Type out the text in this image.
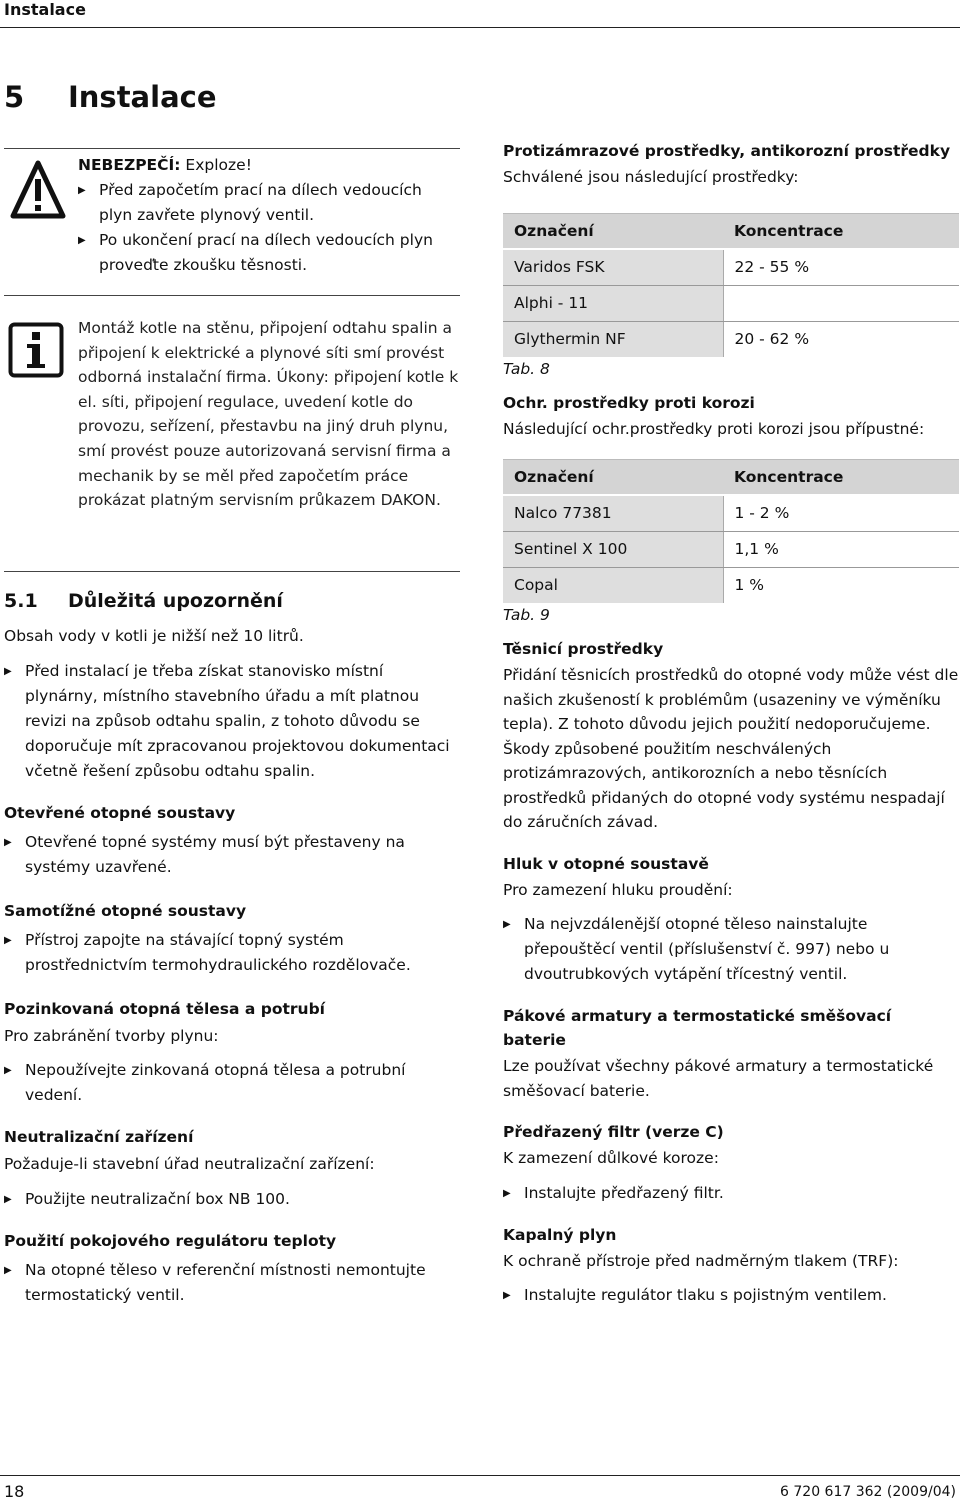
Instalace
5 Instalace
NEBEZPEČÍ: Exploze!
▶ Před započetím prací na dílech vedoucích plyn zavřete plynový ventil.
▶ Po ukončení prací na dílech vedoucích plyn proveďte zkoušku těsnosti.
Montáž kotle na stěnu, připojení odtahu spalin a připojení k elektrické a plynové síti smí provést odborná instalační firma. Úkony: připojení kotle k el. síti, připojení regulace, uvedení kotle do provozu, seřízení, přestavbu na jiný druh plynu, smí provést pouze autorizovaná servisní firma a mechanik by se měl před započetím práce prokázat platným servisním průkazem DAKON.
5.1 Důležitá upozornění

Obsah vody v kotli je nižší než 10 litrů.

▶ Před instalací je třeba získat stanovisko místní plynárny, místního stavebního úřadu a mít platnou revizi na způsob odtahu spalin, z tohoto důvodu se doporučuje mít zpracovanou projektovou dokumentaci včetně řešení způsobu odtahu spalin.
Otevřené otopné soustavy
▶ Otevřené topné systémy musí být přestaveny na systémy uzavřené.
Samotížné otopné soustavy
▶ Přístroj zapojte na stávající topný systém prostřednictvím termohydraulického rozdělovače.
Pozinkovaná otopná tělesa a potrubí

Pro zabránění tvorby plynu:

▶ Nepoužívejte zinkovaná otopná tělesa a potrubní vedení.
Neutralizační zařízení

Požaduje-li stavební úřad neutralizační zařízení:

▶ Použijte neutralizační box NB 100.
Použití pokojového regulátoru teploty
▶ Na otopné těleso v referenční místnosti nemontujte termostatický ventil.
Protizámrazové prostředky, antikorozní prostředky

Schválené jsou následující prostředky:

Označení	Koncentrace
Varidos FSK	22 - 55 %
Alphi - 11	
Glythermin NF	20 - 62 %
Tab. 8
Ochr. prostředky proti korozi

Následující ochr.prostředky proti korozi jsou přípustné:

Označení	Koncentrace
Nalco 77381	1 - 2 %
Sentinel X 100	1,1 %
Copal	1 %
Tab. 9
Těsnicí prostředky

Přidání těsnicích prostředků do otopné vody může vést dle našich zkušeností k problémům (usazeniny ve výměníku tepla). Z tohoto důvodu jejich použití nedoporučujeme. Škody způsobené použitím neschválených protizámrazových, antikorozních a nebo těsnících prostředků přidaných do otopné vody systému nespadají do záručních závad.

Hluk v otopné soustavě

Pro zamezení hluku proudění:

▶ Na nejvzdálenější otopné těleso nainstalujte přepouštěcí ventil (příslušenství č. 997) nebo u dvoutrubkových vytápění třícestný ventil.
Pákové armatury a termostatické směšovací baterie

Lze používat všechny pákové armatury a termostatické směšovací baterie.

Předřazený filtr (verze C)

K zamezení důlkové koroze:

▶ Instalujte předřazený filtr.
Kapalný plyn

K ochraně přístroje před nadměrným tlakem (TRF):

▶ Instalujte regulátor tlaku s pojistným ventilem.
18	6 720 617 362 (2009/04)
